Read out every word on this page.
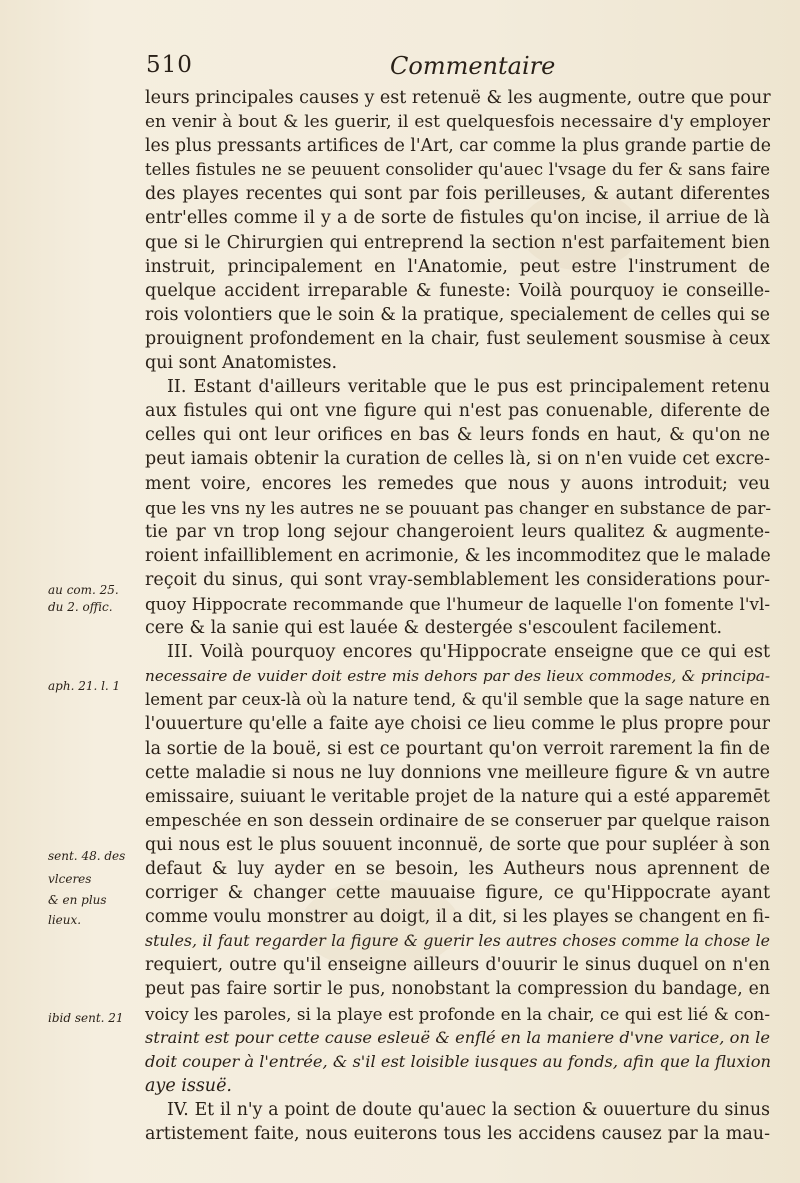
510	Commentaire
leurs principales causes y est retenuë & les augmente, outre que pour
en venir à bout & les guerir, il est quelquesfois necessaire d'y employer
les plus pressants artifices de l'Art, car comme la plus grande partie de
telles fistules ne se peuuent consolider qu'auec l'vsage du fer & sans faire
des playes recentes qui sont par fois perilleuses, & autant diferentes
entr'elles comme il y a de sorte de fistules qu'on incise, il arriue de là
que si le Chirurgien qui entreprend la section n'est parfaitement bien
instruit, principalement en l'Anatomie, peut estre l'instrument de
quelque accident irreparable & funeste: Voilà pourquoy ie conseille-
rois volontiers que le soin & la pratique, specialement de celles qui se
prouignent profondement en la chair, fust seulement sousmise à ceux
qui sont Anatomistes.
II. Estant d'ailleurs veritable que le pus est principalement retenu
aux fistules qui ont vne figure qui n'est pas conuenable, diferente de
celles qui ont leur orifices en bas & leurs fonds en haut, & qu'on ne
peut iamais obtenir la curation de celles là, si on n'en vuide cet excre-
ment voire, encores les remedes que nous y auons introduit; veu
que les vns ny les autres ne se pouuant pas changer en substance de par-
tie par vn trop long sejour changeroient leurs qualitez & augmente-
roient infailliblement en acrimonie, & les incommoditez que le malade
reçoit du sinus, qui sont vray-semblablement les considerations pour-
quoy Hippocrate recommande que l'humeur de laquelle l'on fomente l'vl-
cere & la sanie qui est lauée & destergée s'escoulent facilement.
III. Voilà pourquoy encores qu'Hippocrate enseigne que ce qui est
necessaire de vuider doit estre mis dehors par des lieux commodes, & principa-
lement par ceux-là où la nature tend, & qu'il semble que la sage nature en
l'ouuerture qu'elle a faite aye choisi ce lieu comme le plus propre pour
la sortie de la bouë, si est ce pourtant qu'on verroit rarement la fin de
cette maladie si nous ne luy donnions vne meilleure figure & vn autre
emissaire, suiuant le veritable projet de la nature qui a esté apparemēt
empeschée en son dessein ordinaire de se conseruer par quelque raison
qui nous est le plus souuent inconnuë, de sorte que pour supléer à son
defaut & luy ayder en se besoin, les Autheurs nous aprennent de
corriger & changer cette mauuaise figure, ce qu'Hippocrate ayant
comme voulu monstrer au doigt, il a dit, si les playes se changent en fi-
stules, il faut regarder la figure & guerir les autres choses comme la chose le
requiert, outre qu'il enseigne ailleurs d'ouurir le sinus duquel on n'en
peut pas faire sortir le pus, nonobstant la compression du bandage, en
voicy les paroles, si la playe est profonde en la chair, ce qui est lié & con-
straint est pour cette cause esleuë & enflé en la maniere d'vne varice, on le
doit couper à l'entrée, & s'il est loisible iusques au fonds, afin que la fluxion
aye issuë.
IV. Et il n'y a point de doute qu'auec la section & ouuerture du sinus
artistement faite, nous euiterons tous les accidens causez par la mau-
au com. 25.
du 2. offic.
aph. 21. l. 1
sent. 48. des
vlceres
& en plus
lieux.
ibid sent. 21
